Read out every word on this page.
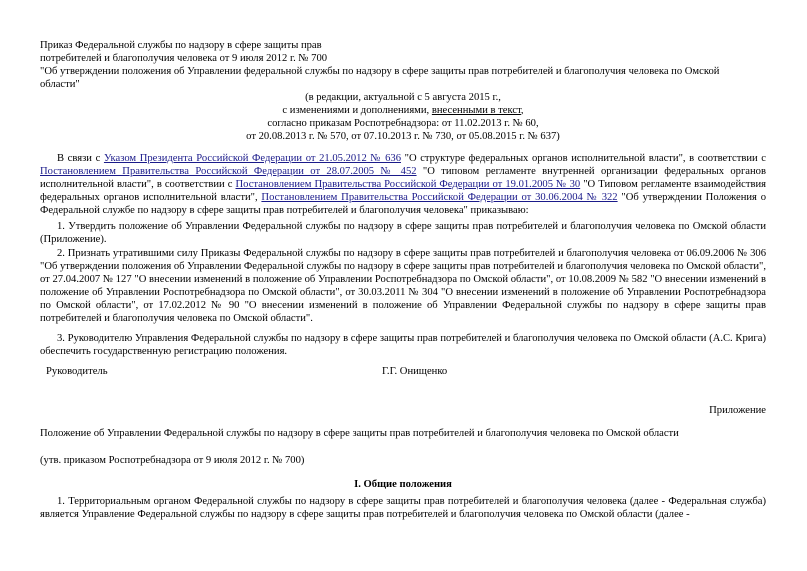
Приказ Федеральной службы по надзору в сфере защиты прав
потребителей и благополучия человека от 9 июля 2012 г. № 700
"Об утверждении положения об Управлении федеральной службы по надзору в сфере защиты прав потребителей и благополучия человека по Омской
области"
(в редакции, актуальной с 5 августа 2015 г.,
с изменениями и дополнениями, внесенными в текст,
согласно приказам Роспотребнадзора: от 11.02.2013 г. № 60,
от 20.08.2013 г. № 570, от 07.10.2013 г. № 730, от 05.08.2015 г. № 637)
В связи с Указом Президента Российской Федерации от 21.05.2012 № 636 "О структуре федеральных органов исполнительной власти", в соответствии с Постановлением Правительства Российской Федерации от 28.07.2005 № 452 "О типовом регламенте внутренней организации федеральных органов исполнительной власти", в соответствии с Постановлением Правительства Российской Федерации от 19.01.2005 № 30 "О Типовом регламенте взаимодействия федеральных органов исполнительной власти", Постановлением Правительства Российской Федерации от 30.06.2004 № 322 "Об утверждении Положения о Федеральной службе по надзору в сфере защиты прав потребителей и благополучия человека" приказываю:
1. Утвердить положение об Управлении Федеральной службы по надзору в сфере защиты прав потребителей и благополучия человека по Омской области (Приложение).
2. Признать утратившими силу Приказы Федеральной службы по надзору в сфере защиты прав потребителей и благополучия человека от 06.09.2006 № 306 "Об утверждении положения об Управлении Федеральной службы по надзору в сфере защиты прав потребителей и благополучия человека по Омской области", от 27.04.2007 № 127 "О внесении изменений в положение об Управлении Роспотребнадзора по Омской области", от 10.08.2009 № 582 "О внесении изменений в положение об Управлении Роспотребнадзора по Омской области", от 30.03.2011 № 304 "О внесении изменений в положение об Управлении Роспотребнадзора по Омской области", от 17.02.2012 № 90 "О внесении изменений в положение об Управлении Федеральной службы по надзору в сфере защиты прав потребителей и благополучия человека по Омской области".
3. Руководителю Управления Федеральной службы по надзору в сфере защиты прав потребителей и благополучия человека по Омской области (А.С. Крига) обеспечить государственную регистрацию положения.
Руководитель	Г.Г. Онищенко
Приложение
Положение об Управлении Федеральной службы по надзору в сфере защиты прав потребителей и благополучия человека по Омской области
(утв. приказом Роспотребнадзора от 9 июля 2012 г. № 700)
I. Общие положения
1. Территориальным органом Федеральной службы по надзору в сфере защиты прав потребителей и благополучия человека (далее - Федеральная служба) является Управление Федеральной службы по надзору в сфере защиты прав потребителей и благополучия человека по Омской области (далее -
